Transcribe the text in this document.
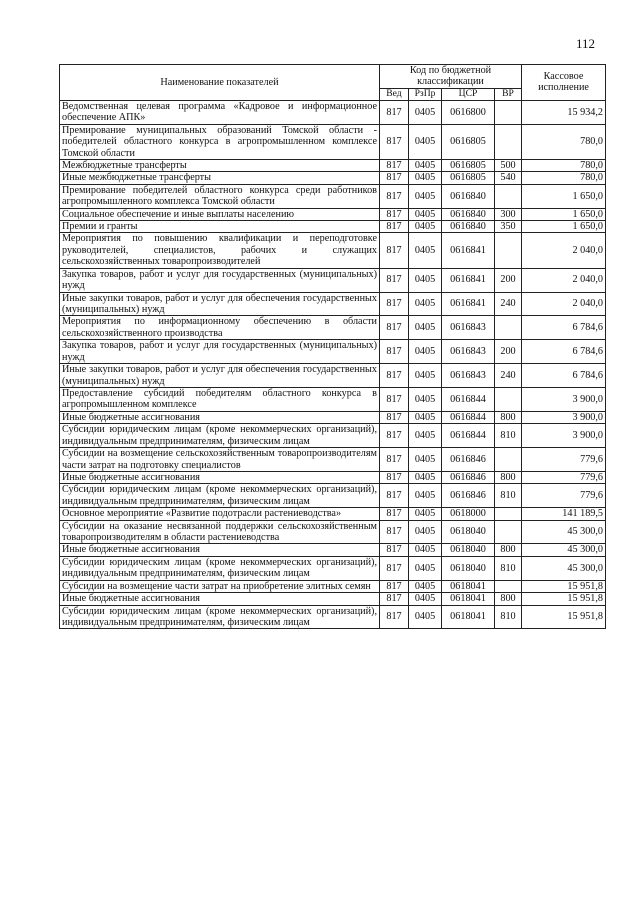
112
Наименование показателей	Код по бюджетной классификации				Кассовое исполнение
	Вед	РзПр	ЦСР	ВР	
Ведомственная целевая программа «Кадровое и информационное обеспечение АПК»	817	0405	0616800		15 934,2
Премирование муниципальных образований Томской области - победителей областного конкурса в агропромышленном комплексе Томской области	817	0405	0616805		780,0
Межбюджетные трансферты	817	0405	0616805	500	780,0
Иные межбюджетные трансферты	817	0405	0616805	540	780,0
Премирование победителей областного конкурса среди работников агропромышленного комплекса Томской области	817	0405	0616840		1 650,0
Социальное обеспечение и иные выплаты населению	817	0405	0616840	300	1 650,0
Премии и гранты	817	0405	0616840	350	1 650,0
Мероприятия по повышению квалификации и переподготовке руководителей, специалистов, рабочих и служащих сельскохозяйственных товаропроизводителей	817	0405	0616841		2 040,0
Закупка товаров, работ и услуг для государственных (муниципальных) нужд	817	0405	0616841	200	2 040,0
Иные закупки товаров, работ и услуг для обеспечения государственных (муниципальных) нужд	817	0405	0616841	240	2 040,0
Мероприятия по информационному обеспечению в области сельскохозяйственного производства	817	0405	0616843		6 784,6
Закупка товаров, работ и услуг для государственных (муниципальных) нужд	817	0405	0616843	200	6 784,6
Иные закупки товаров, работ и услуг для обеспечения государственных (муниципальных) нужд	817	0405	0616843	240	6 784,6
Предоставление субсидий победителям областного конкурса в агропромышленном комплексе	817	0405	0616844		3 900,0
Иные бюджетные ассигнования	817	0405	0616844	800	3 900,0
Субсидии юридическим лицам (кроме некоммерческих организаций), индивидуальным предпринимателям, физическим лицам	817	0405	0616844	810	3 900,0
Субсидии на возмещение сельскохозяйственным товаропроизводителям части затрат на подготовку специалистов	817	0405	0616846		779,6
Иные бюджетные ассигнования	817	0405	0616846	800	779,6
Субсидии юридическим лицам (кроме некоммерческих организаций), индивидуальным предпринимателям, физическим лицам	817	0405	0616846	810	779,6
Основное мероприятие «Развитие подотрасли растениеводства»	817	0405	0618000		141 189,5
Субсидии на оказание несвязанной поддержки сельскохозяйственным товаропроизводителям в области растениеводства	817	0405	0618040		45 300,0
Иные бюджетные ассигнования	817	0405	0618040	800	45 300,0
Субсидии юридическим лицам (кроме некоммерческих организаций), индивидуальным предпринимателям, физическим лицам	817	0405	0618040	810	45 300,0
Субсидии на возмещение части затрат на приобретение элитных семян	817	0405	0618041		15 951,8
Иные бюджетные ассигнования	817	0405	0618041	800	15 951,8
Субсидии юридическим лицам (кроме некоммерческих организаций), индивидуальным предпринимателям, физическим лицам	817	0405	0618041	810	15 951,8
